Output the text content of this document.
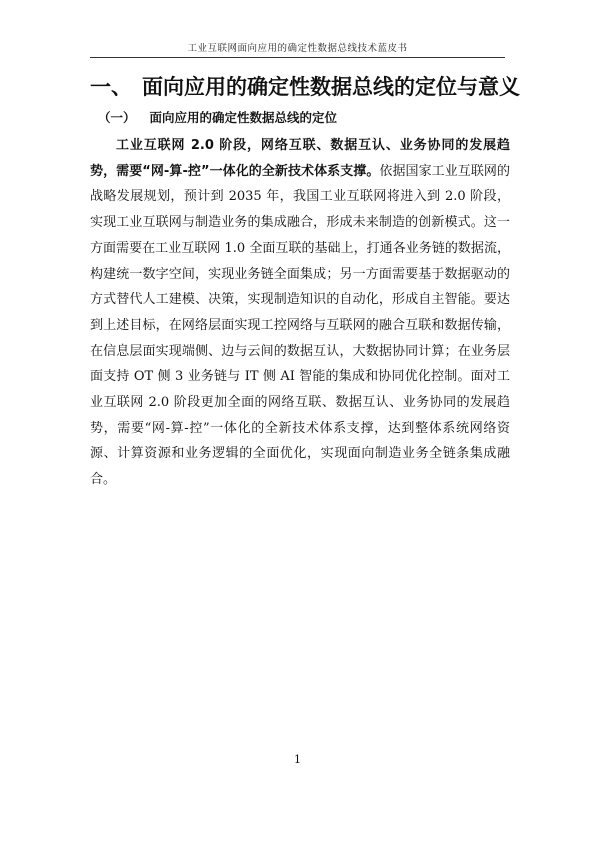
工业互联网面向应用的确定性数据总线技术蓝皮书
一、 面向应用的确定性数据总线的定位与意义
（一） 面向应用的确定性数据总线的定位

工业互联网 2.0 阶段，网络互联、数据互认、业务协同的发展趋势，需要“网-算-控”一体化的全新技术体系支撑。依据国家工业互联网的战略发展规划，预计到 2035 年，我国工业互联网将进入到 2.0 阶段，实现工业互联网与制造业务的集成融合，形成未来制造的创新模式。这一方面需要在工业互联网 1.0 全面互联的基础上，打通各业务链的数据流，构建统一数字空间，实现业务链全面集成；另一方面需要基于数据驱动的方式替代人工建模、决策，实现制造知识的自动化，形成自主智能。要达到上述目标，在网络层面实现工控网络与互联网的融合互联和数据传输，在信息层面实现端侧、边与云间的数据互认，大数据协同计算；在业务层面支持 OT 侧 3 业务链与 IT 侧 AI 智能的集成和协同优化控制。面对工业互联网 2.0 阶段更加全面的网络互联、数据互认、业务协同的发展趋势，需要“网-算-控”一体化的全新技术体系支撑，达到整体系统网络资源、计算资源和业务逻辑的全面优化，实现面向制造业务全链条集成融合。

1
